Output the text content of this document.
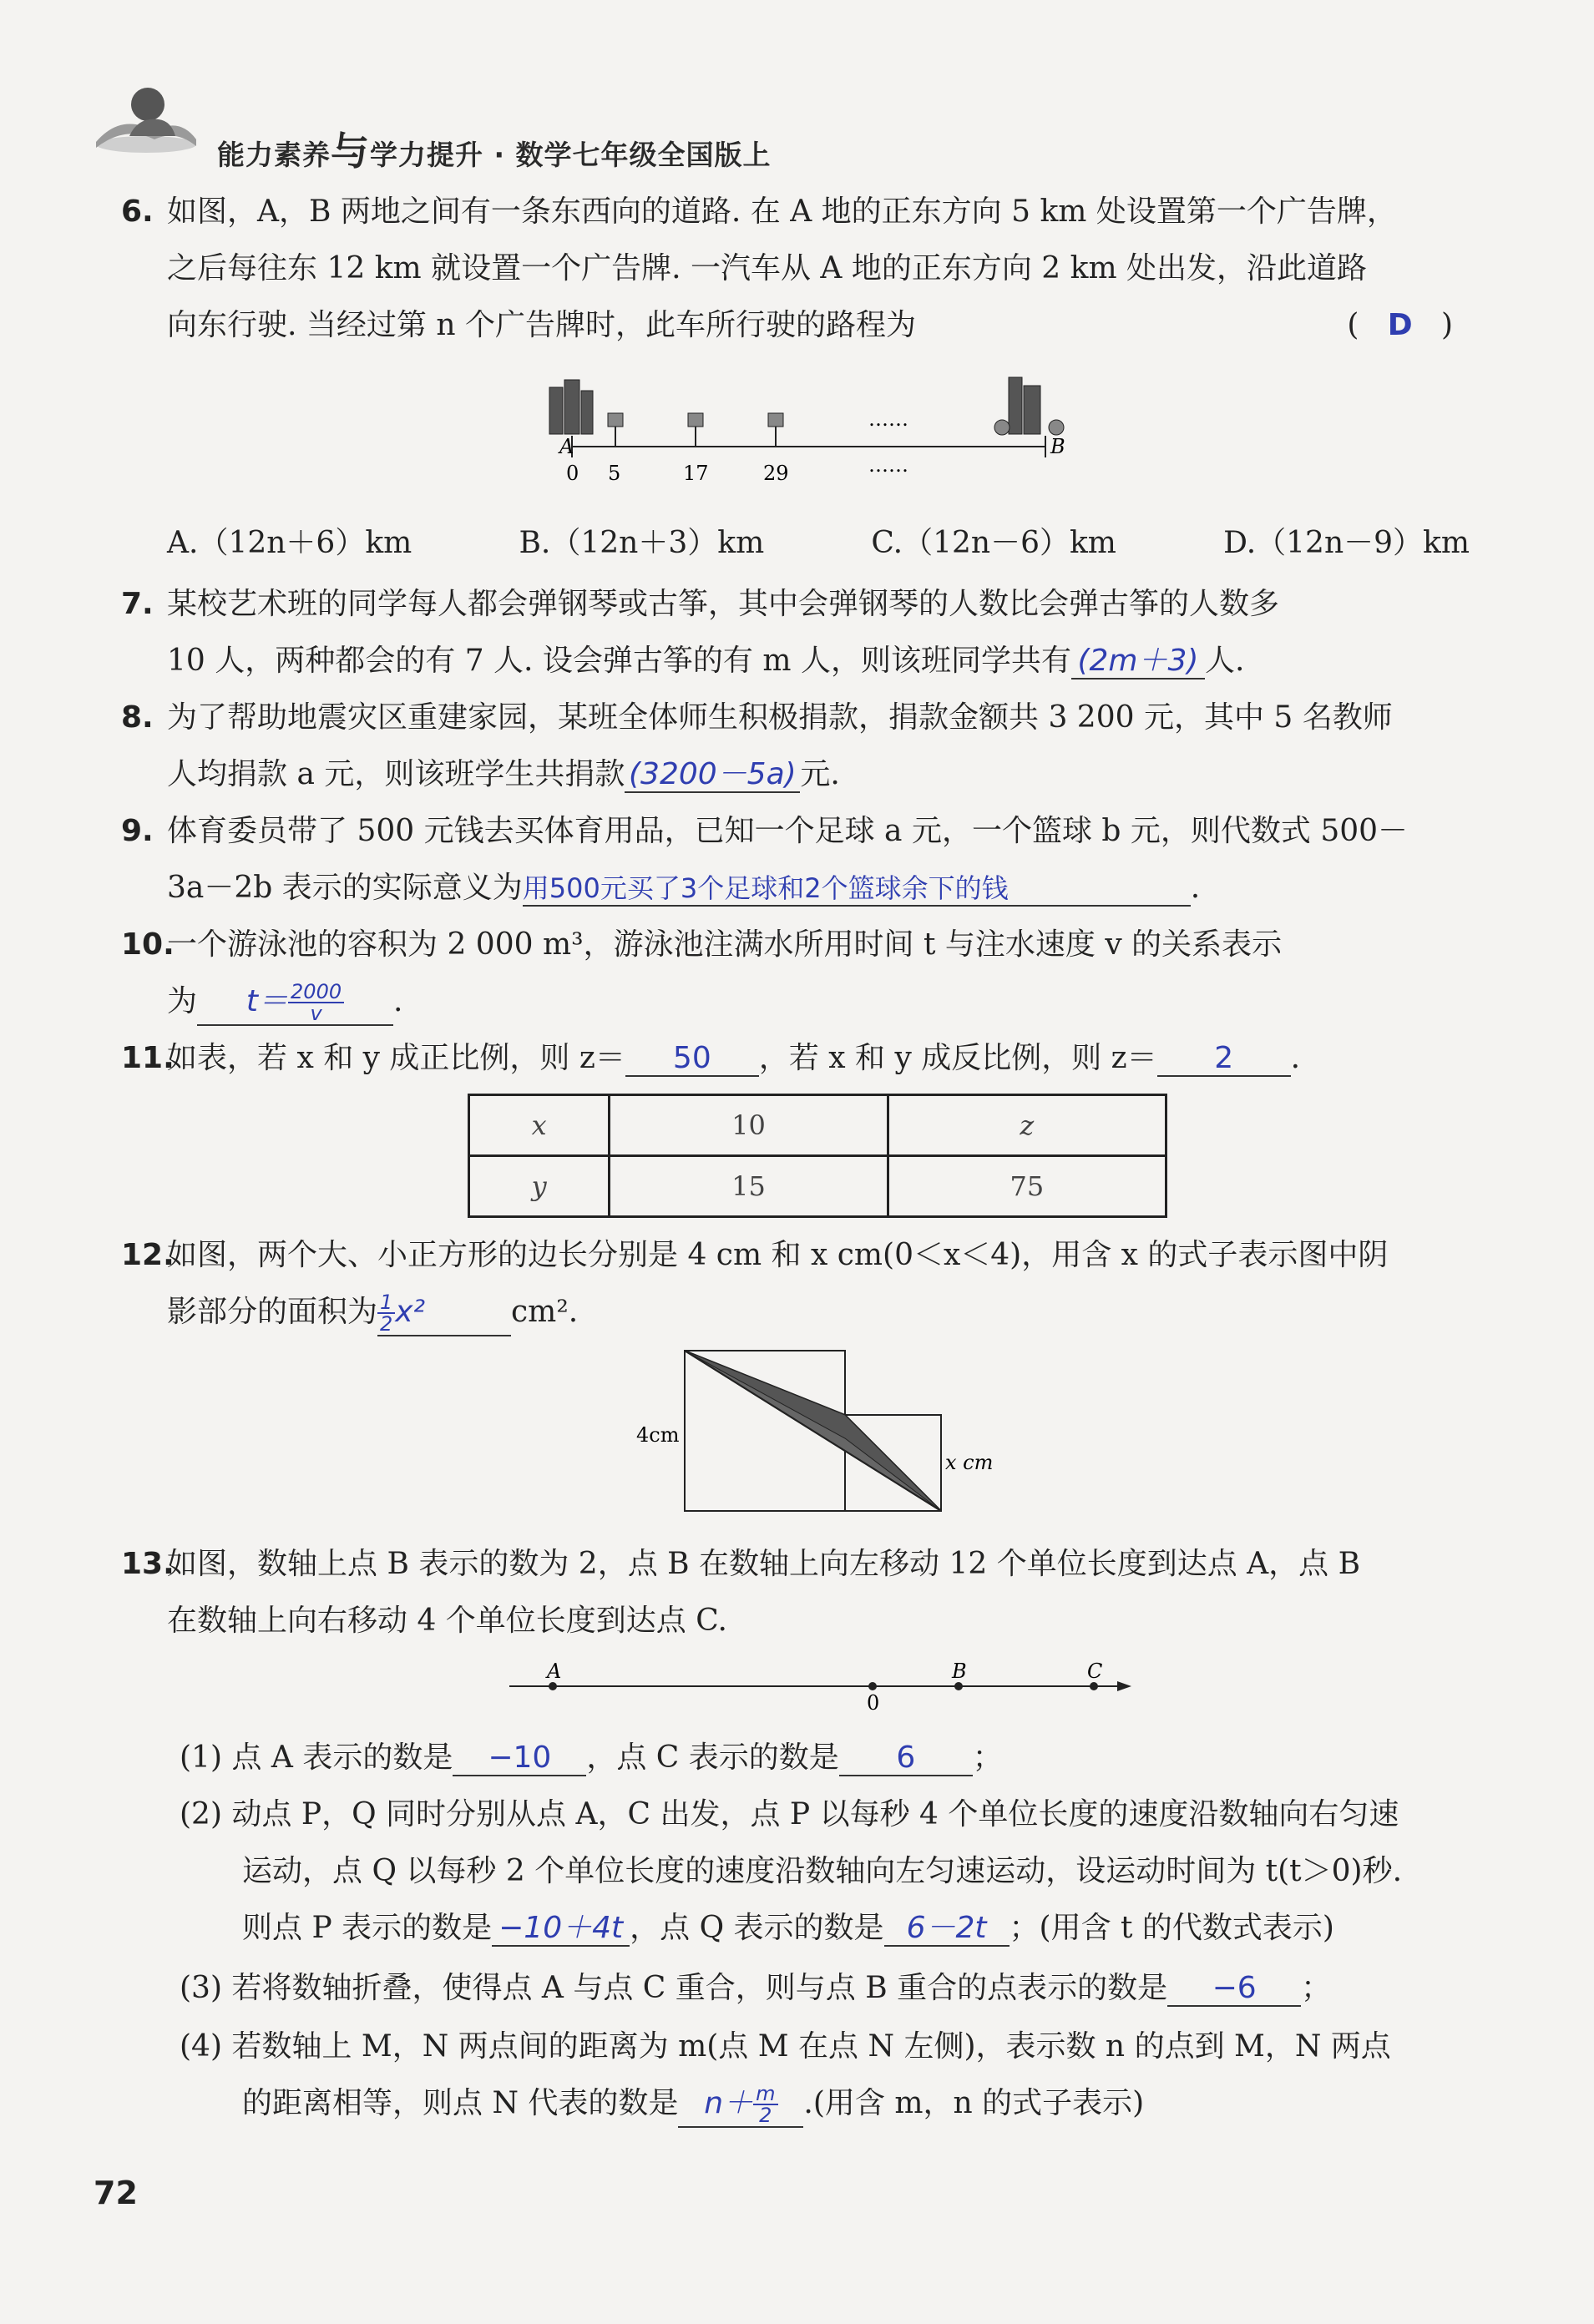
能力素养与学力提升 · 数学七年级全国版上
6. 如图，A，B 两地之间有一条东西向的道路. 在 A 地的正东方向 5 km 处设置第一个广告牌，
之后每往东 12 km 就设置一个广告牌. 一汽车从 A 地的正东方向 2 km 处出发，沿此道路
向东行驶. 当经过第 n 个广告牌时，此车所行驶的路程为	( D )
A	B
0 5	17	29
……
……
A.（12n＋6）km	B.（12n＋3）km	C.（12n－6）km	D.（12n－9）km
7. 某校艺术班的同学每人都会弹钢琴或古筝，其中会弹钢琴的人数比会弹古筝的人数多
10 人，两种都会的有 7 人. 设会弹古筝的有 m 人，则该班同学共有 (2m＋3) 人.
8. 为了帮助地震灾区重建家园，某班全体师生积极捐款，捐款金额共 3 200 元，其中 5 名教师
人均捐款 a 元，则该班学生共捐款 (3200－5a) 元.
9. 体育委员带了 500 元钱去买体育用品，已知一个足球 a 元，一个篮球 b 元，则代数式 500－
3a－2b 表示的实际意义为用500元买了3个足球和2个篮球余下的钱	.
10.一个游泳池的容积为 2 000 m³，游泳池注满水所用时间 t 与注水速度 v 的关系表示
为 $t= \frac{2000}{v}$ .
11.如表，若 x 和 y 成正比例，则 z＝ 50 ，若 x 和 y 成反比例，则 z＝ 2 .
x	10	z
y	15	75
12.如图，两个大、小正方形的边长分别是 4 cm 和 x cm(0＜x＜4)，用含 x 的式子表示图中阴
影部分的面积为 $\frac{1}{2} x^2$	cm².
4cm
x cm
13.如图，数轴上点 B 表示的数为 2，点 B 在数轴上向左移动 12 个单位长度到达点 A，点 B
在数轴上向右移动 4 个单位长度到达点 C.
A
0
B	C
(1) 点 A 表示的数是 −10 ，点 C 表示的数是 6 ；
(2) 动点 P，Q 同时分别从点 A，C 出发，点 P 以每秒 4 个单位长度的速度沿数轴向右匀速
运动，点 Q 以每秒 2 个单位长度的速度沿数轴向左匀速运动，设运动时间为 t(t＞0)秒.
则点 P 表示的数是 −10＋4t ，点 Q 表示的数是 6－2t ；(用含 t 的代数式表示)
(3) 若将数轴折叠，使得点 A 与点 C 重合，则与点 B 重合的点表示的数是 −6 ；
(4) 若数轴上 M，N 两点间的距离为 m(点 M 在点 N 左侧)，表示数 n 的点到 M，N 两点
的距离相等，则点 N 代表的数是 $n+ \frac{m}{2}$ .(用含 m，n 的式子表示)
72
